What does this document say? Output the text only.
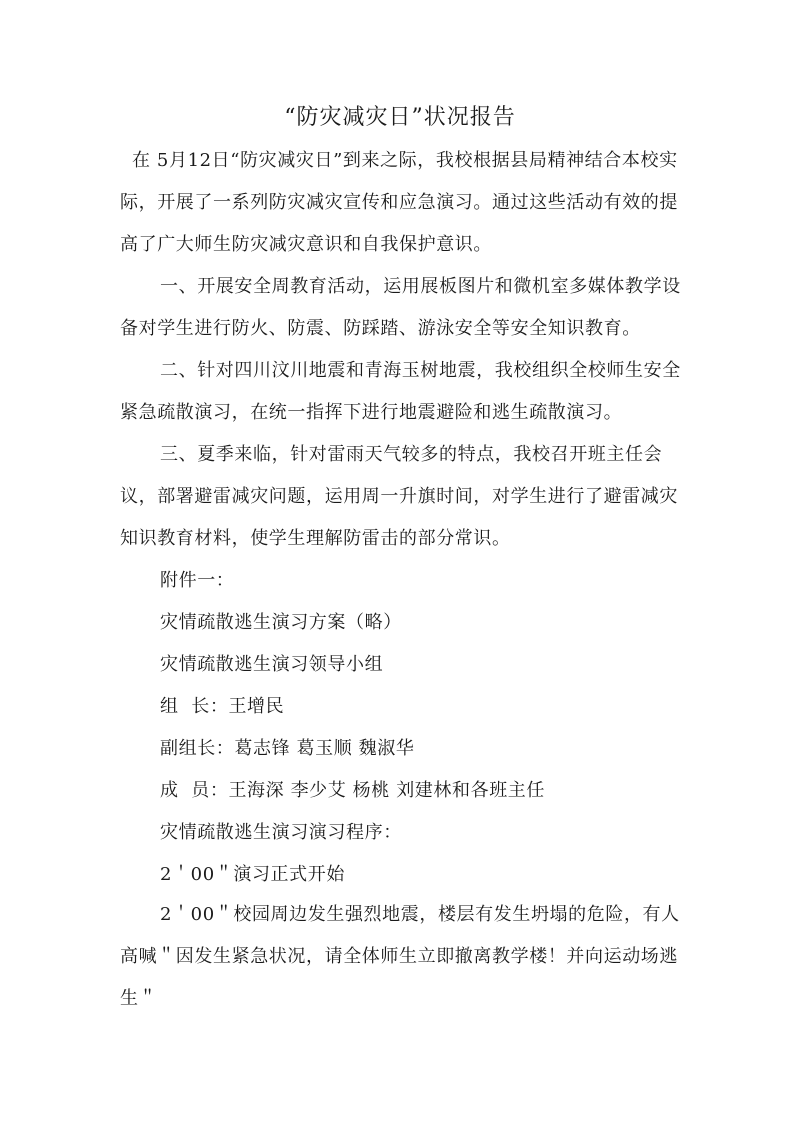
“防灾减灾日”状况报告
在 5月12日“防灾减灾日”到来之际，我校根据县局精神结合本校实际，开展了一系列防灾减灾宣传和应急演习。通过这些活动有效的提高了广大师生防灾减灾意识和自我保护意识。
一、开展安全周教育活动，运用展板图片和微机室多媒体教学设备对学生进行防火、防震、防踩踏、游泳安全等安全知识教育。
二、针对四川汶川地震和青海玉树地震，我校组织全校师生安全紧急疏散演习，在统一指挥下进行地震避险和逃生疏散演习。
三、夏季来临，针对雷雨天气较多的特点，我校召开班主任会议，部署避雷减灾问题，运用周一升旗时间，对学生进行了避雷减灾知识教育材料，使学生理解防雷击的部分常识。
附件一：
灾情疏散逃生演习方案（略）
灾情疏散逃生演习领导小组
组  长：王增民
副组长：葛志锋 葛玉顺 魏淑华
成  员：王海深 李少艾 杨桃 刘建林和各班主任
灾情疏散逃生演习演习程序：
2＇00＂演习正式开始
2＇00＂校园周边发生强烈地震，楼层有发生坍塌的危险，有人高喊＂因发生紧急状况，请全体师生立即撤离教学楼！并向运动场逃生＂
